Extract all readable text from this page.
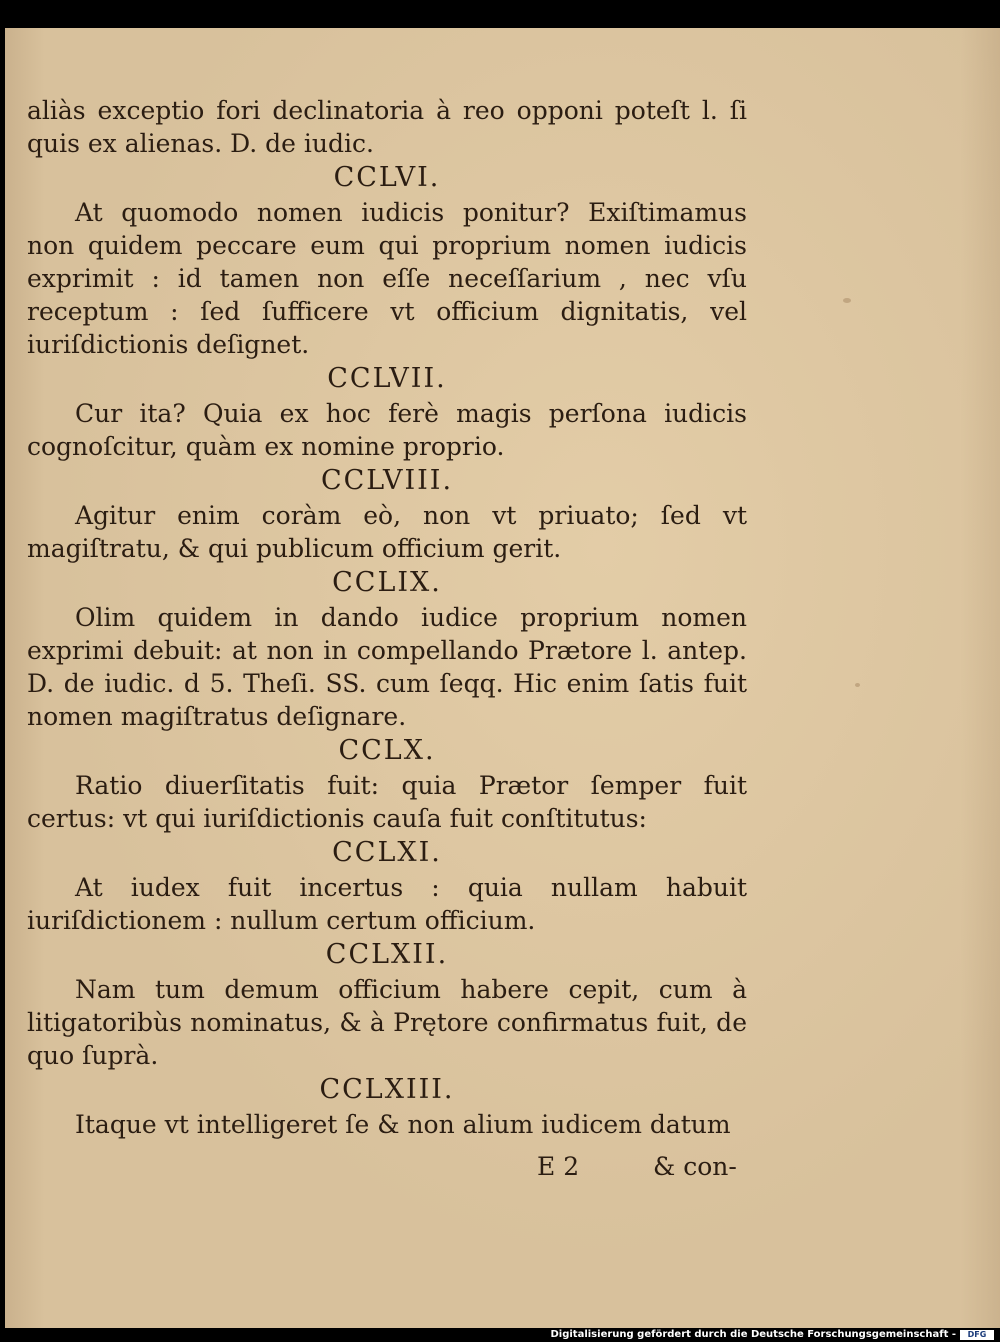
aliàs exceptio fori declinatoria à reo opponi poteſt l. ſi quis ex alienas. D. de iudic.

CCLVI.

At quomodo nomen iudicis ponitur? Exiſtimamus non quidem peccare eum qui proprium nomen iudicis exprimit : id tamen non eſſe neceſſarium , nec vſu receptum : ſed ſufficere vt officium dignitatis, vel iuriſdictionis deſignet.

CCLVII.

Cur ita? Quia ex hoc ferè magis perſona iudicis cognoſcitur, quàm ex nomine proprio.

CCLVIII.

Agitur enim coràm eò, non vt priuato; ſed vt magiſtratu, & qui publicum officium gerit.

CCLIX.

Olim quidem in dando iudice proprium nomen exprimi debuit: at non in compellando Prætore l. antep. D. de iudic. d 5. Theſi. SS. cum ſeqq. Hic enim ſatis fuit nomen magiſtratus deſignare.

CCLX.

Ratio diuerſitatis fuit: quia Prætor ſemper fuit certus: vt qui iuriſdictionis cauſa fuit conſtitutus:

CCLXI.

At iudex fuit incertus : quia nullam habuit iuriſdictionem : nullum certum officium.

CCLXII.

Nam tum demum officium habere cepit, cum à litigatoribùs nominatus, & à Prętore confirmatus fuit, de quo ſuprà.

CCLXIII.

Itaque vt intelligeret ſe & non alium iudicem datum

E 2	& con-
Digitalisierung gefördert durch die Deutsche Forschungsgemeinschaft -	DFG
